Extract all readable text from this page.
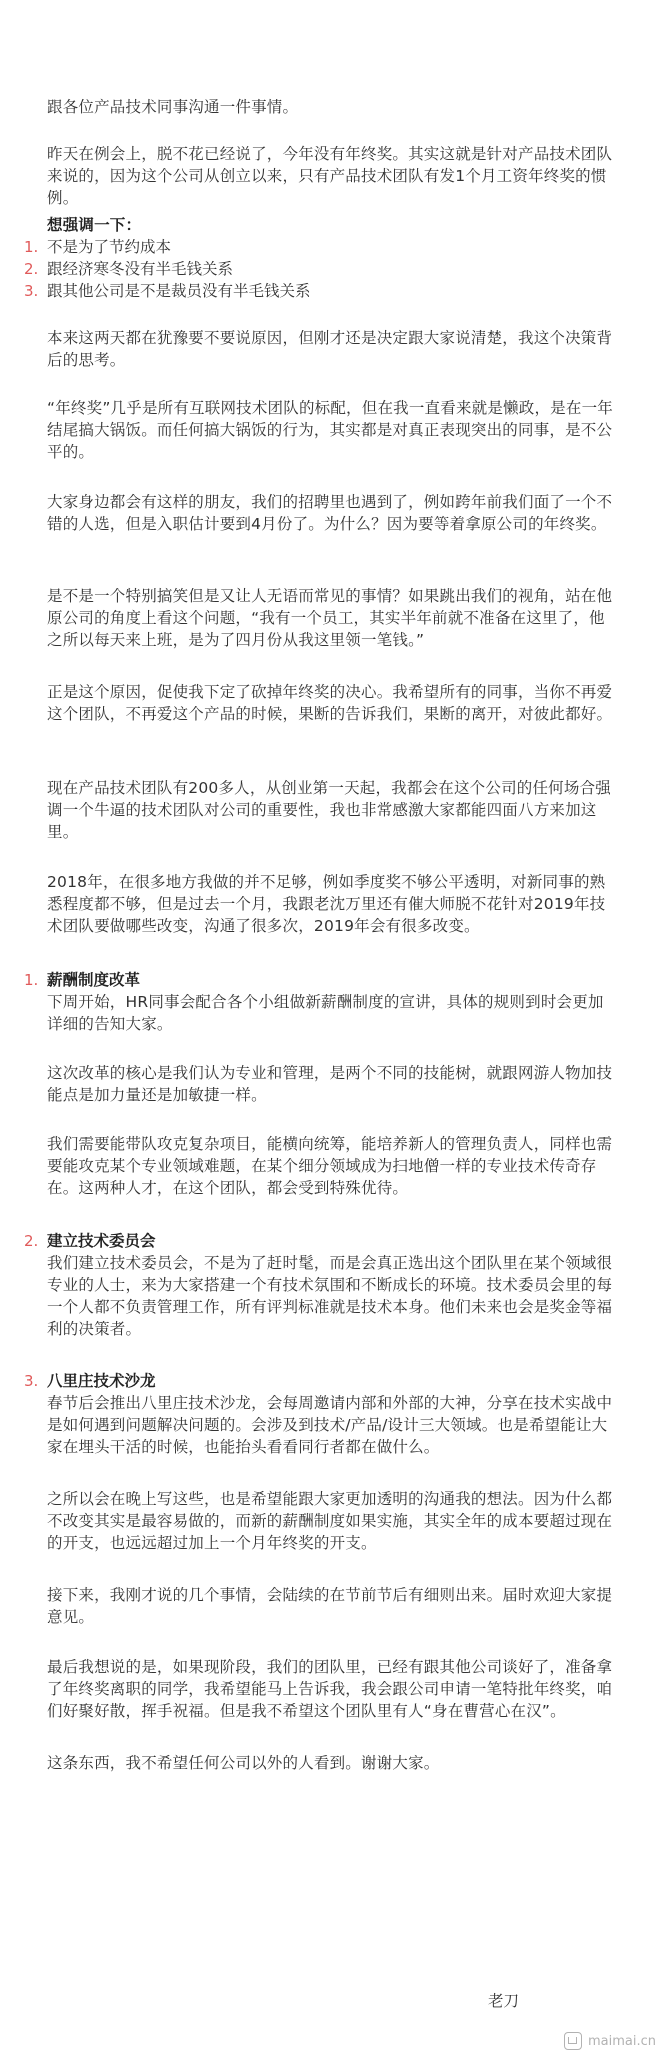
跟各位产品技术同事沟通一件事情。

昨天在例会上，脱不花已经说了，今年没有年终奖。其实这就是针对产品技术团队来说的，因为这个公司从创立以来，只有产品技术团队有发1个月工资年终奖的惯例。

想强调一下：

1. 不是为了节约成本
2. 跟经济寒冬没有半毛钱关系
3. 跟其他公司是不是裁员没有半毛钱关系

本来这两天都在犹豫要不要说原因，但刚才还是决定跟大家说清楚，我这个决策背后的思考。

“年终奖”几乎是所有互联网技术团队的标配，但在我一直看来就是懒政，是在一年结尾搞大锅饭。而任何搞大锅饭的行为，其实都是对真正表现突出的同事，是不公平的。

大家身边都会有这样的朋友，我们的招聘里也遇到了，例如跨年前我们面了一个不错的人选，但是入职估计要到4月份了。为什么？因为要等着拿原公司的年终奖。

是不是一个特别搞笑但是又让人无语而常见的事情？如果跳出我们的视角，站在他原公司的角度上看这个问题，“我有一个员工，其实半年前就不准备在这里了，他之所以每天来上班，是为了四月份从我这里领一笔钱。”

正是这个原因，促使我下定了砍掉年终奖的决心。我希望所有的同事，当你不再爱这个团队，不再爱这个产品的时候，果断的告诉我们，果断的离开，对彼此都好。

现在产品技术团队有200多人，从创业第一天起，我都会在这个公司的任何场合强调一个牛逼的技术团队对公司的重要性，我也非常感激大家都能四面八方来加这里。

2018年，在很多地方我做的并不足够，例如季度奖不够公平透明，对新同事的熟悉程度都不够，但是过去一个月，我跟老沈万里还有催大师脱不花针对2019年技术团队要做哪些改变，沟通了很多次，2019年会有很多改变。

1. 薪酬制度改革

下周开始，HR同事会配合各个小组做新薪酬制度的宣讲，具体的规则到时会更加详细的告知大家。

这次改革的核心是我们认为专业和管理，是两个不同的技能树，就跟网游人物加技能点是加力量还是加敏捷一样。

我们需要能带队攻克复杂项目，能横向统筹，能培养新人的管理负责人，同样也需要能攻克某个专业领域难题，在某个细分领域成为扫地僧一样的专业技术传奇存在。这两种人才，在这个团队，都会受到特殊优待。

2. 建立技术委员会

我们建立技术委员会，不是为了赶时髦，而是会真正选出这个团队里在某个领域很专业的人士，来为大家搭建一个有技术氛围和不断成长的环境。技术委员会里的每一个人都不负责管理工作，所有评判标准就是技术本身。他们未来也会是奖金等福利的决策者。

3. 八里庄技术沙龙

春节后会推出八里庄技术沙龙，会每周邀请内部和外部的大神，分享在技术实战中是如何遇到问题解决问题的。会涉及到技术/产品/设计三大领域。也是希望能让大家在埋头干活的时候，也能抬头看看同行者都在做什么。

之所以会在晚上写这些，也是希望能跟大家更加透明的沟通我的想法。因为什么都不改变其实是最容易做的，而新的薪酬制度如果实施，其实全年的成本要超过现在的开支，也远远超过加上一个月年终奖的开支。

接下来，我刚才说的几个事情，会陆续的在节前节后有细则出来。届时欢迎大家提意见。

最后我想说的是，如果现阶段，我们的团队里，已经有跟其他公司谈好了，准备拿了年终奖离职的同学，我希望能马上告诉我，我会跟公司申请一笔特批年终奖，咱们好聚好散，挥手祝福。但是我不希望这个团队里有人“身在曹营心在汉”。

这条东西，我不希望任何公司以外的人看到。谢谢大家。

老刀
maimai.cn
